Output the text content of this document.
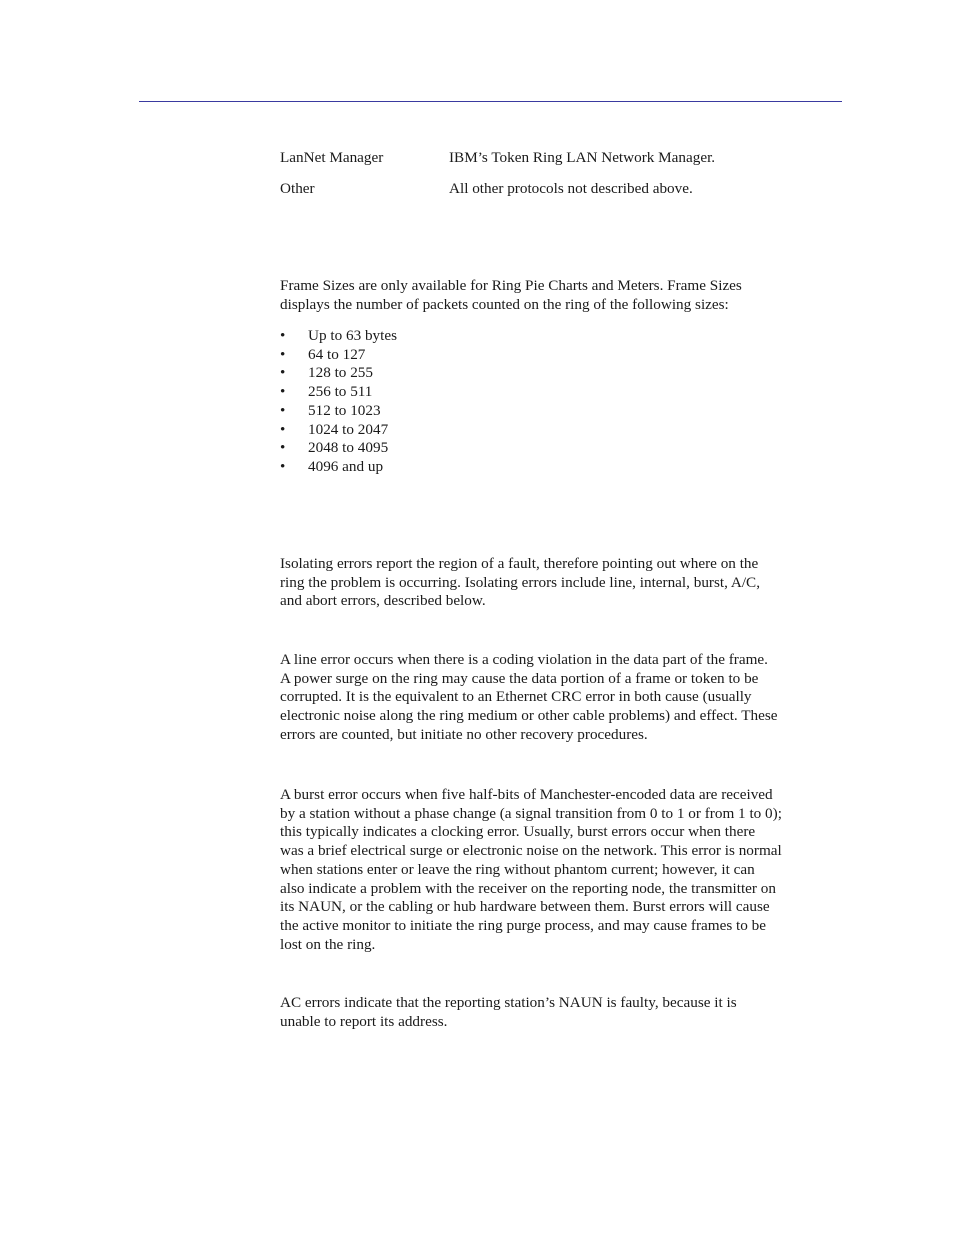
LanNet Manager	IBM’s Token Ring LAN Network Manager.
Other	All other protocols not described above.

Frame Sizes are only available for Ring Pie Charts and Meters. Frame Sizes
displays the number of packets counted on the ring of the following sizes:

• Up to 63 bytes
• 64 to 127
• 128 to 255
• 256 to 511
• 512 to 1023
• 1024 to 2047
• 2048 to 4095
• 4096 and up

Isolating errors report the region of a fault, therefore pointing out where on the
ring the problem is occurring. Isolating errors include line, internal, burst, A/C,
and abort errors, described below.

A line error occurs when there is a coding violation in the data part of the frame.
A power surge on the ring may cause the data portion of a frame or token to be
corrupted. It is the equivalent to an Ethernet CRC error in both cause (usually
electronic noise along the ring medium or other cable problems) and effect. These
errors are counted, but initiate no other recovery procedures.

A burst error occurs when five half-bits of Manchester-encoded data are received
by a station without a phase change (a signal transition from 0 to 1 or from 1 to 0);
this typically indicates a clocking error. Usually, burst errors occur when there
was a brief electrical surge or electronic noise on the network. This error is normal
when stations enter or leave the ring without phantom current; however, it can
also indicate a problem with the receiver on the reporting node, the transmitter on
its NAUN, or the cabling or hub hardware between them. Burst errors will cause
the active monitor to initiate the ring purge process, and may cause frames to be
lost on the ring.

AC errors indicate that the reporting station’s NAUN is faulty, because it is
unable to report its address.
